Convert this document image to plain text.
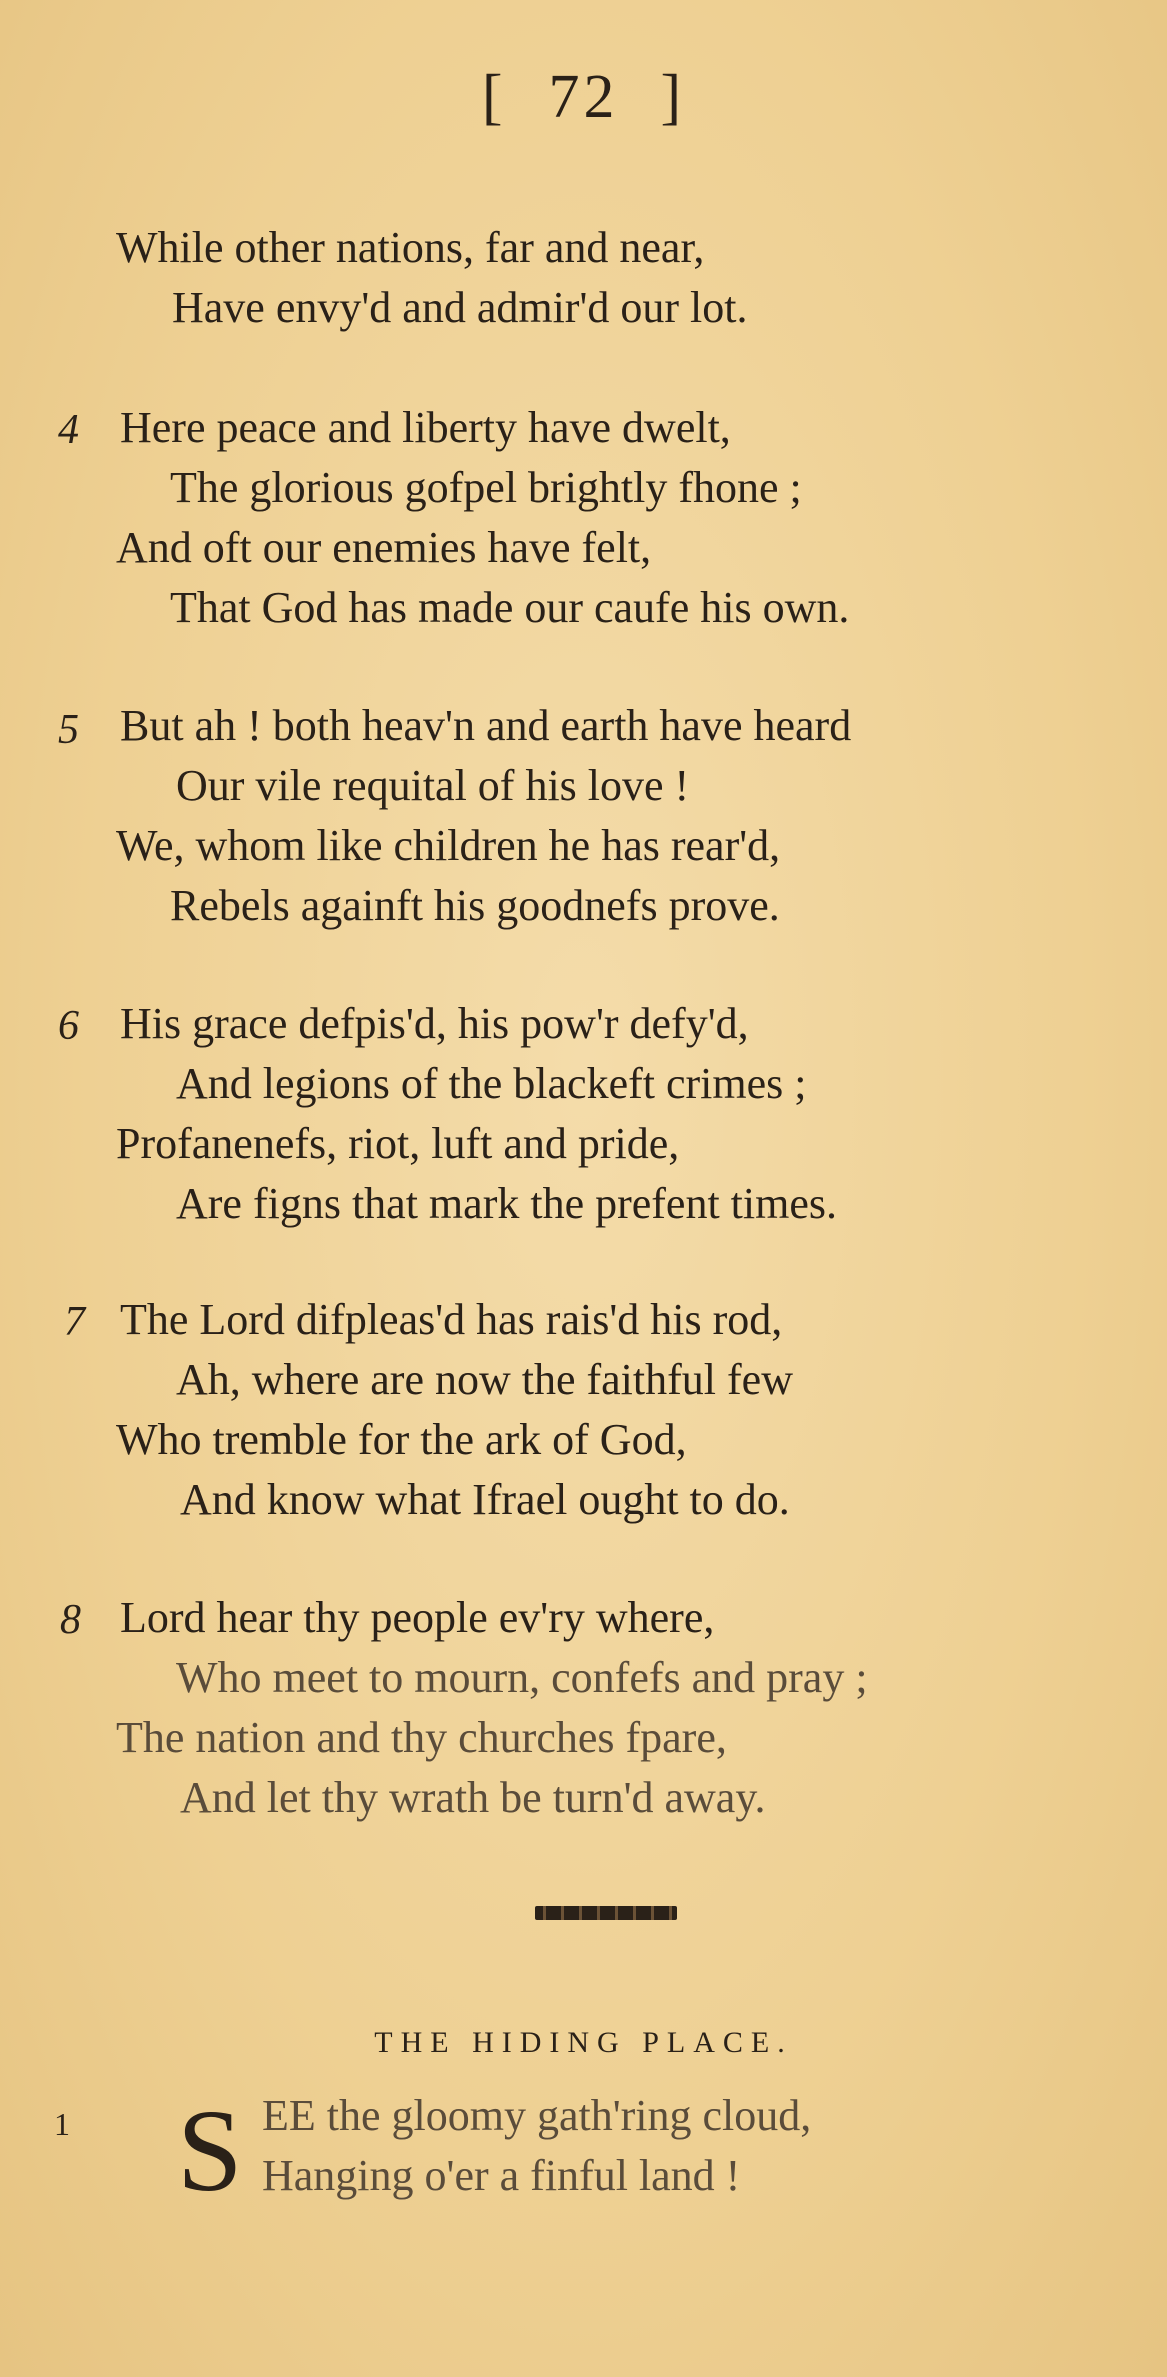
[ 72 ]
While other nations, far and near,
Have envy'd and admir'd our lot.
4 Here peace and liberty have dwelt,
The glorious gofpel brightly fhone ;
And oft our enemies have felt,
That God has made our caufe his own.
5 But ah ! both heav'n and earth have heard
Our vile requital of his love !
We, whom like children he has rear'd,
Rebels againft his goodnefs prove.
6 His grace defpis'd, his pow'r defy'd,
And legions of the blackeft crimes ;
Profanenefs, riot, luft and pride,
Are figns that mark the prefent times.
7 The Lord difpleas'd has rais'd his rod,
Ah, where are now the faithful few
Who tremble for the ark of God,
And know what Ifrael ought to do.
8 Lord hear thy people ev'ry where,
Who meet to mourn, confefs and pray ;
The nation and thy churches fpare,
And let thy wrath be turn'd away.
THE HIDING PLACE.
1 S EE the gloomy gath'ring cloud,
Hanging o'er a finful land !
